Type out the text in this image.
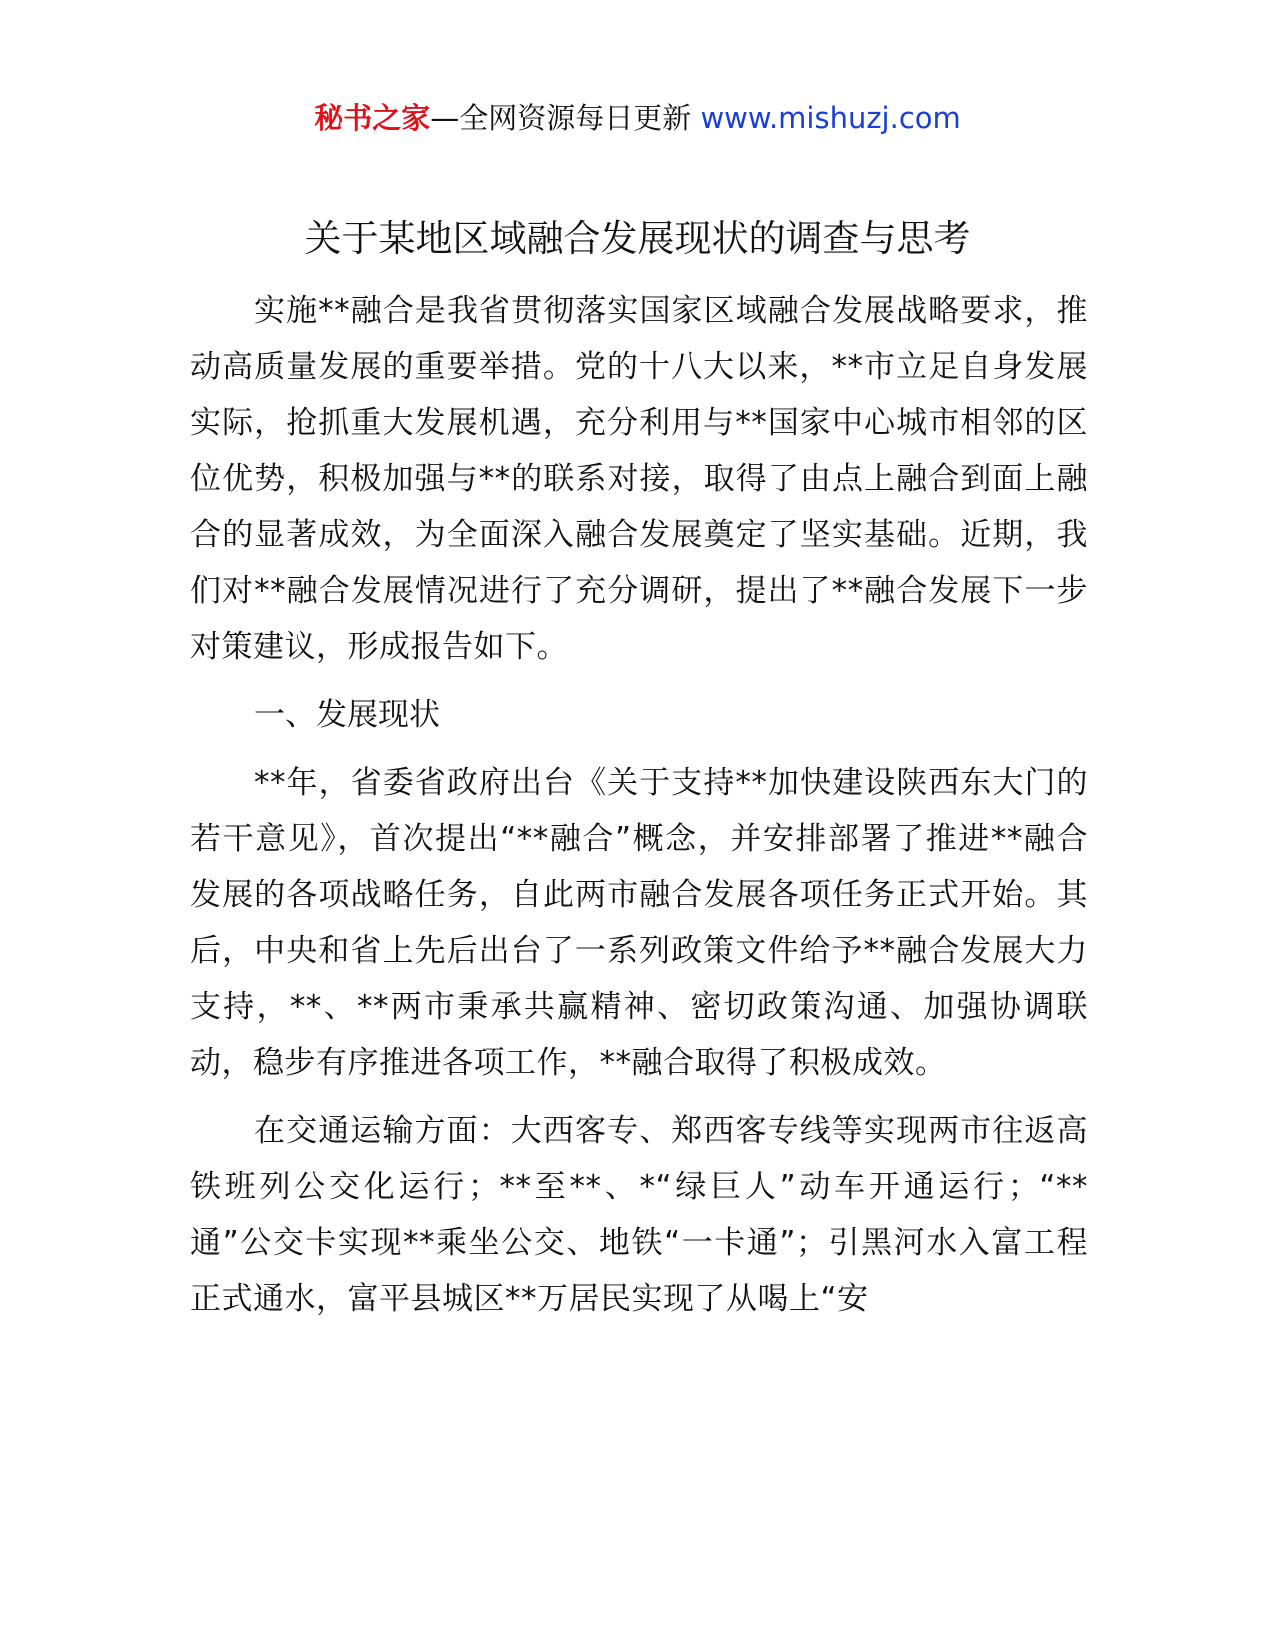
秘书之家—全网资源每日更新 www.mishuzj.com
关于某地区域融合发展现状的调查与思考

实施**融合是我省贯彻落实国家区域融合发展战略要求，推动高质量发展的重要举措。党的十八大以来，**市立足自身发展实际，抢抓重大发展机遇，充分利用与**国家中心城市相邻的区位优势，积极加强与**的联系对接，取得了由点上融合到面上融合的显著成效，为全面深入融合发展奠定了坚实基础。近期，我们对**融合发展情况进行了充分调研，提出了**融合发展下一步对策建议，形成报告如下。

一、发展现状

**年，省委省政府出台《关于支持**加快建设陕西东大门的若干意见》，首次提出“**融合”概念，并安排部署了推进**融合发展的各项战略任务，自此两市融合发展各项任务正式开始。其后，中央和省上先后出台了一系列政策文件给予**融合发展大力支持，**、**两市秉承共赢精神、密切政策沟通、加强协调联动，稳步有序推进各项工作，**融合取得了积极成效。

在交通运输方面：大西客专、郑西客专线等实现两市往返高铁班列公交化运行；**至**、*“绿巨人”动车开通运行；“**通”公交卡实现**乘坐公交、地铁“一卡通”；引黑河水入富工程正式通水，富平县城区**万居民实现了从喝上“安
